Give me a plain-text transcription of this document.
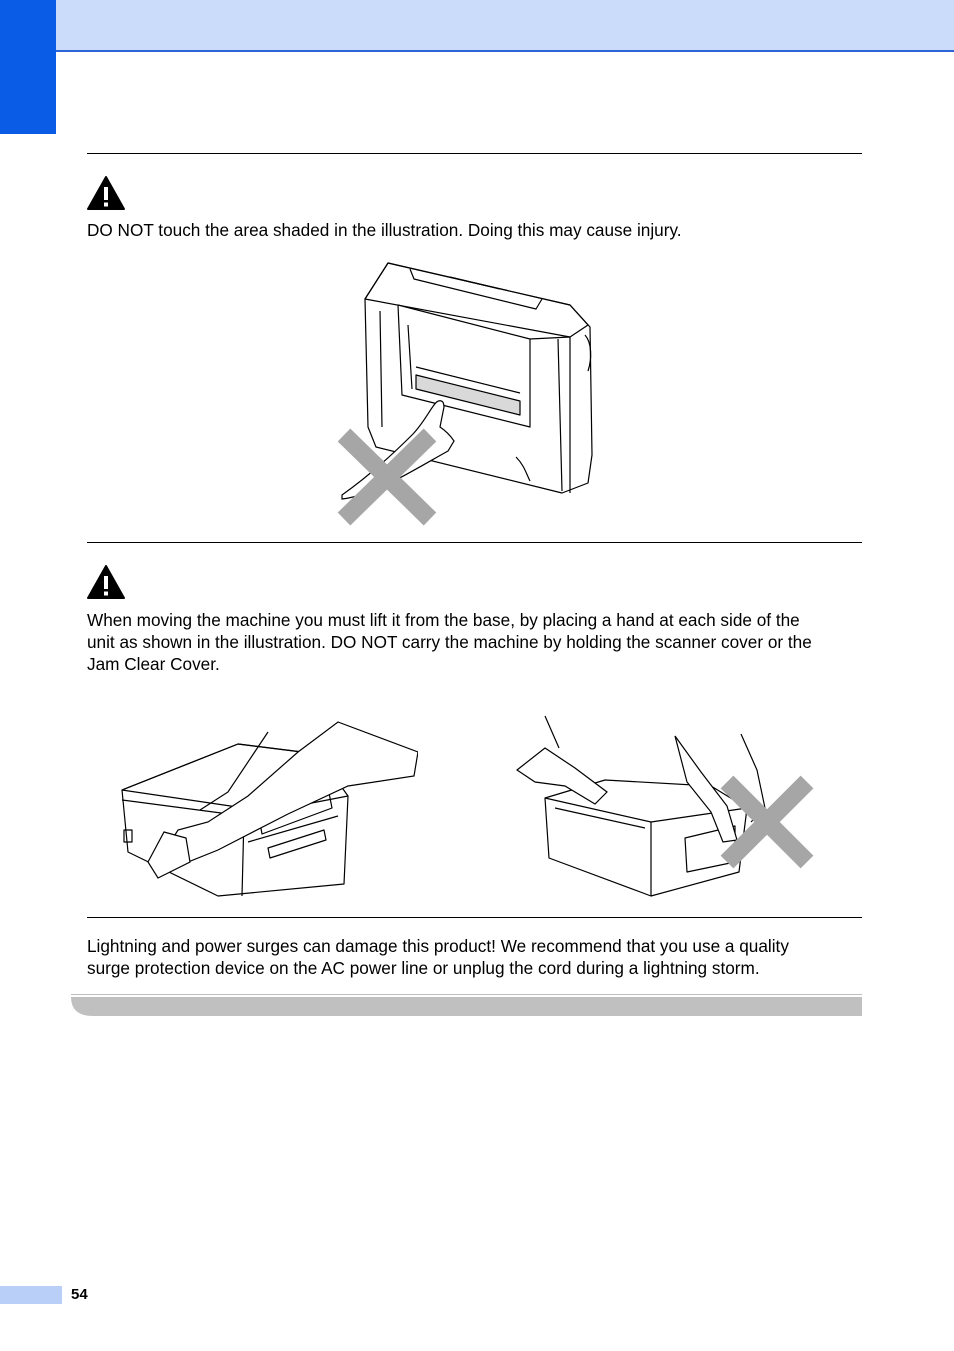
DO NOT touch the area shaded in the illustration. Doing this may cause injury.

When moving the machine you must lift it from the base, by placing a hand at each side of the
unit as shown in the illustration. DO NOT carry the machine by holding the scanner cover or the
Jam Clear Cover.

Lightning and power surges can damage this product! We recommend that you use a quality
surge protection device on the AC power line or unplug the cord during a lightning storm.

54
